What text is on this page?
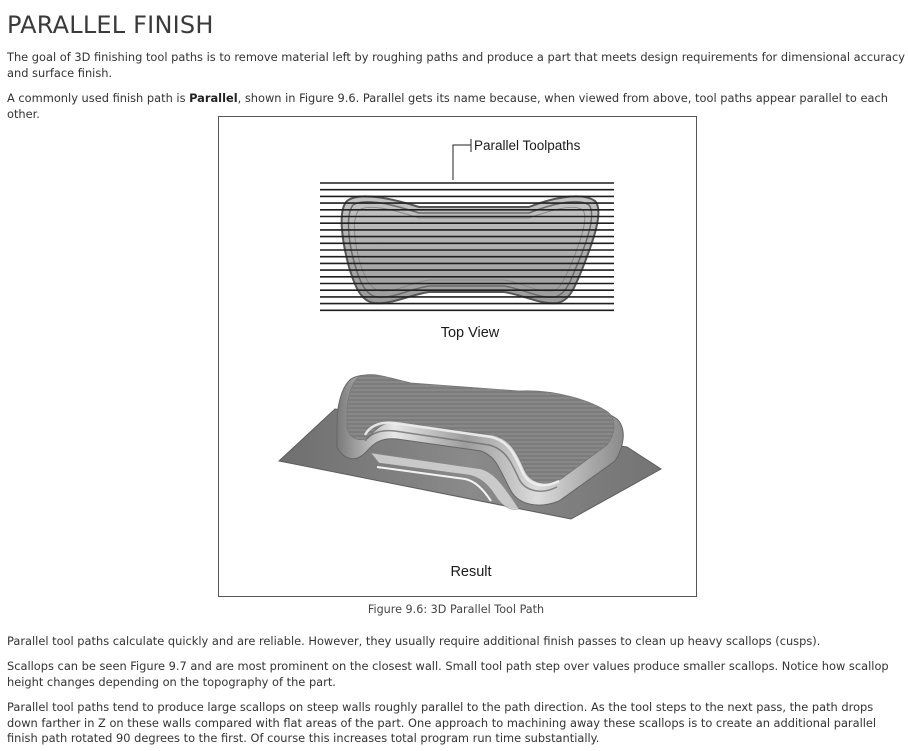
PARALLEL FINISH

The goal of 3D finishing tool paths is to remove material left by roughing paths and produce a part that meets design requirements for dimensional accuracy and surface finish.

A commonly used finish path is Parallel, shown in Figure 9.6. Parallel gets its name because, when viewed from above, tool paths appear parallel to each other.

Parallel Toolpaths
Top View
Result
Figure 9.6: 3D Parallel Tool Path

Parallel tool paths calculate quickly and are reliable. However, they usually require additional finish passes to clean up heavy scallops (cusps).

Scallops can be seen Figure 9.7 and are most prominent on the closest wall. Small tool path step over values produce smaller scallops. Notice how scallop height changes depending on the topography of the part.

Parallel tool paths tend to produce large scallops on steep walls roughly parallel to the path direction. As the tool steps to the next pass, the path drops down farther in Z on these walls compared with flat areas of the part. One approach to machining away these scallops is to create an additional parallel finish path rotated 90 degrees to the first. Of course this increases total program run time substantially.
